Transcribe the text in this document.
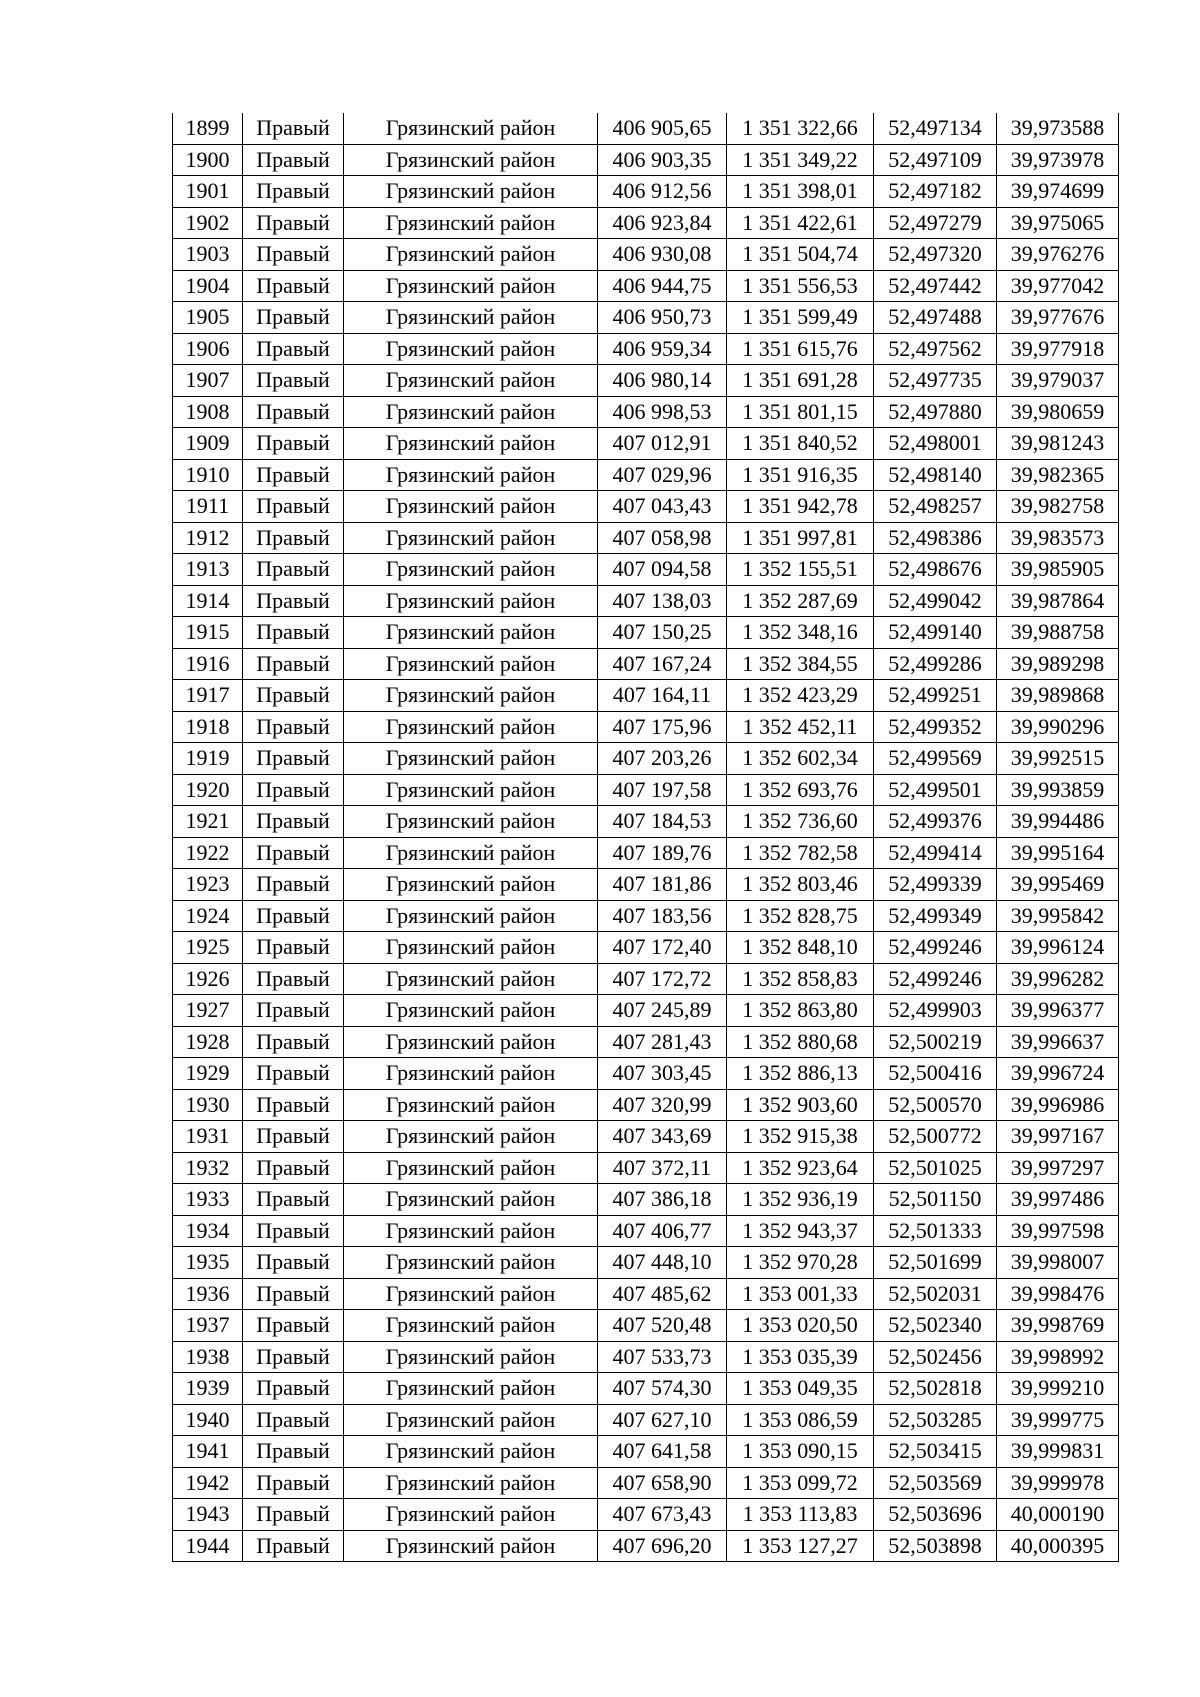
1899	Правый	Грязинский район	406 905,65	1 351 322,66	52,497134	39,973588
1900	Правый	Грязинский район	406 903,35	1 351 349,22	52,497109	39,973978
1901	Правый	Грязинский район	406 912,56	1 351 398,01	52,497182	39,974699
1902	Правый	Грязинский район	406 923,84	1 351 422,61	52,497279	39,975065
1903	Правый	Грязинский район	406 930,08	1 351 504,74	52,497320	39,976276
1904	Правый	Грязинский район	406 944,75	1 351 556,53	52,497442	39,977042
1905	Правый	Грязинский район	406 950,73	1 351 599,49	52,497488	39,977676
1906	Правый	Грязинский район	406 959,34	1 351 615,76	52,497562	39,977918
1907	Правый	Грязинский район	406 980,14	1 351 691,28	52,497735	39,979037
1908	Правый	Грязинский район	406 998,53	1 351 801,15	52,497880	39,980659
1909	Правый	Грязинский район	407 012,91	1 351 840,52	52,498001	39,981243
1910	Правый	Грязинский район	407 029,96	1 351 916,35	52,498140	39,982365
1911	Правый	Грязинский район	407 043,43	1 351 942,78	52,498257	39,982758
1912	Правый	Грязинский район	407 058,98	1 351 997,81	52,498386	39,983573
1913	Правый	Грязинский район	407 094,58	1 352 155,51	52,498676	39,985905
1914	Правый	Грязинский район	407 138,03	1 352 287,69	52,499042	39,987864
1915	Правый	Грязинский район	407 150,25	1 352 348,16	52,499140	39,988758
1916	Правый	Грязинский район	407 167,24	1 352 384,55	52,499286	39,989298
1917	Правый	Грязинский район	407 164,11	1 352 423,29	52,499251	39,989868
1918	Правый	Грязинский район	407 175,96	1 352 452,11	52,499352	39,990296
1919	Правый	Грязинский район	407 203,26	1 352 602,34	52,499569	39,992515
1920	Правый	Грязинский район	407 197,58	1 352 693,76	52,499501	39,993859
1921	Правый	Грязинский район	407 184,53	1 352 736,60	52,499376	39,994486
1922	Правый	Грязинский район	407 189,76	1 352 782,58	52,499414	39,995164
1923	Правый	Грязинский район	407 181,86	1 352 803,46	52,499339	39,995469
1924	Правый	Грязинский район	407 183,56	1 352 828,75	52,499349	39,995842
1925	Правый	Грязинский район	407 172,40	1 352 848,10	52,499246	39,996124
1926	Правый	Грязинский район	407 172,72	1 352 858,83	52,499246	39,996282
1927	Правый	Грязинский район	407 245,89	1 352 863,80	52,499903	39,996377
1928	Правый	Грязинский район	407 281,43	1 352 880,68	52,500219	39,996637
1929	Правый	Грязинский район	407 303,45	1 352 886,13	52,500416	39,996724
1930	Правый	Грязинский район	407 320,99	1 352 903,60	52,500570	39,996986
1931	Правый	Грязинский район	407 343,69	1 352 915,38	52,500772	39,997167
1932	Правый	Грязинский район	407 372,11	1 352 923,64	52,501025	39,997297
1933	Правый	Грязинский район	407 386,18	1 352 936,19	52,501150	39,997486
1934	Правый	Грязинский район	407 406,77	1 352 943,37	52,501333	39,997598
1935	Правый	Грязинский район	407 448,10	1 352 970,28	52,501699	39,998007
1936	Правый	Грязинский район	407 485,62	1 353 001,33	52,502031	39,998476
1937	Правый	Грязинский район	407 520,48	1 353 020,50	52,502340	39,998769
1938	Правый	Грязинский район	407 533,73	1 353 035,39	52,502456	39,998992
1939	Правый	Грязинский район	407 574,30	1 353 049,35	52,502818	39,999210
1940	Правый	Грязинский район	407 627,10	1 353 086,59	52,503285	39,999775
1941	Правый	Грязинский район	407 641,58	1 353 090,15	52,503415	39,999831
1942	Правый	Грязинский район	407 658,90	1 353 099,72	52,503569	39,999978
1943	Правый	Грязинский район	407 673,43	1 353 113,83	52,503696	40,000190
1944	Правый	Грязинский район	407 696,20	1 353 127,27	52,503898	40,000395
